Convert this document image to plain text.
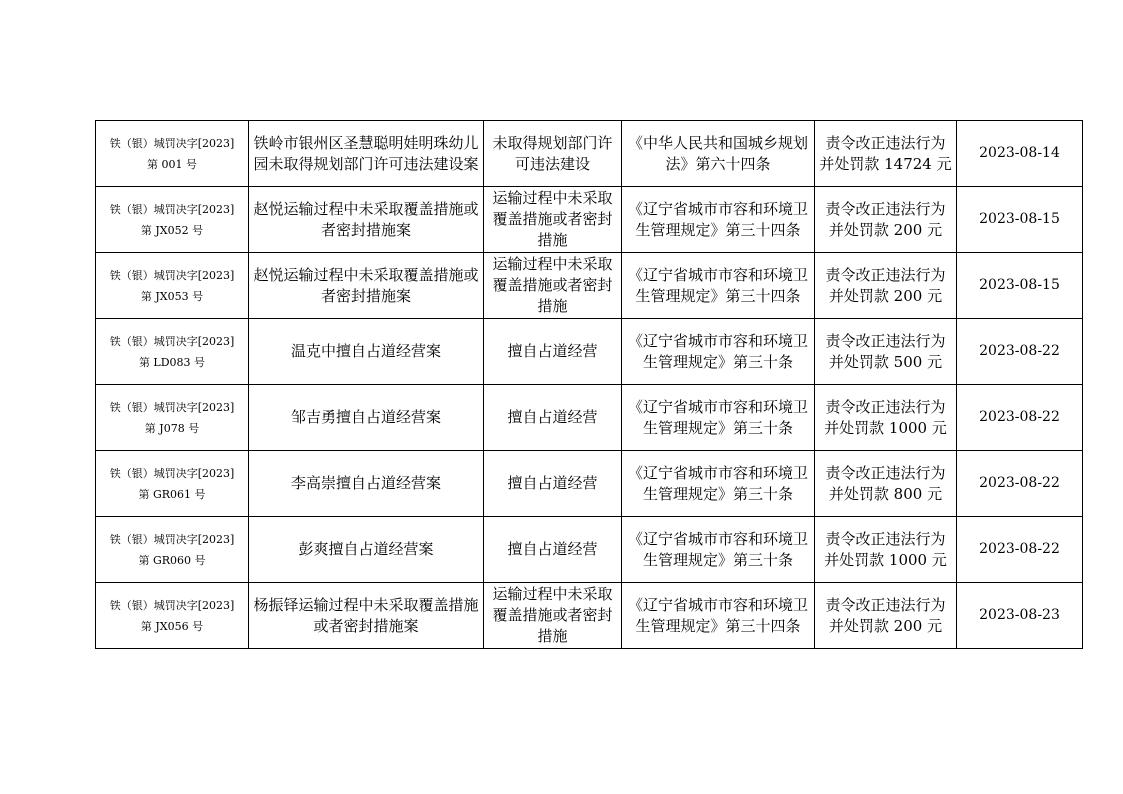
铁（银）城罚决字[2023]
第 001 号	铁岭市银州区圣慧聪明娃明珠幼儿园未取得规划部门许可违法建设案	未取得规划部门许可违法建设	《中华人民共和国城乡规划法》第六十四条	责令改正违法行为并处罚款 14724 元	2023-08-14

铁（银）城罚决字[2023]
第 JX052 号	赵悦运输过程中未采取覆盖措施或者密封措施案	运输过程中未采取覆盖措施或者密封措施	《辽宁省城市市容和环境卫生管理规定》第三十四条	责令改正违法行为并处罚款 200 元	2023-08-15

铁（银）城罚决字[2023]
第 JX053 号	赵悦运输过程中未采取覆盖措施或者密封措施案	运输过程中未采取覆盖措施或者密封措施	《辽宁省城市市容和环境卫生管理规定》第三十四条	责令改正违法行为并处罚款 200 元	2023-08-15

铁（银）城罚决字[2023]
第 LD083 号	温克中擅自占道经营案	擅自占道经营	《辽宁省城市市容和环境卫生管理规定》第三十条	责令改正违法行为并处罚款 500 元	2023-08-22

铁（银）城罚决字[2023]
第 J078 号	邹吉勇擅自占道经营案	擅自占道经营	《辽宁省城市市容和环境卫生管理规定》第三十条	责令改正违法行为并处罚款 1000 元	2023-08-22

铁（银）城罚决字[2023]
第 GR061 号	李高崇擅自占道经营案	擅自占道经营	《辽宁省城市市容和环境卫生管理规定》第三十条	责令改正违法行为并处罚款 800 元	2023-08-22

铁（银）城罚决字[2023]
第 GR060 号	彭爽擅自占道经营案	擅自占道经营	《辽宁省城市市容和环境卫生管理规定》第三十条	责令改正违法行为并处罚款 1000 元	2023-08-22

铁（银）城罚决字[2023]
第 JX056 号	杨振铎运输过程中未采取覆盖措施或者密封措施案	运输过程中未采取覆盖措施或者密封措施	《辽宁省城市市容和环境卫生管理规定》第三十四条	责令改正违法行为并处罚款 200 元	2023-08-23
